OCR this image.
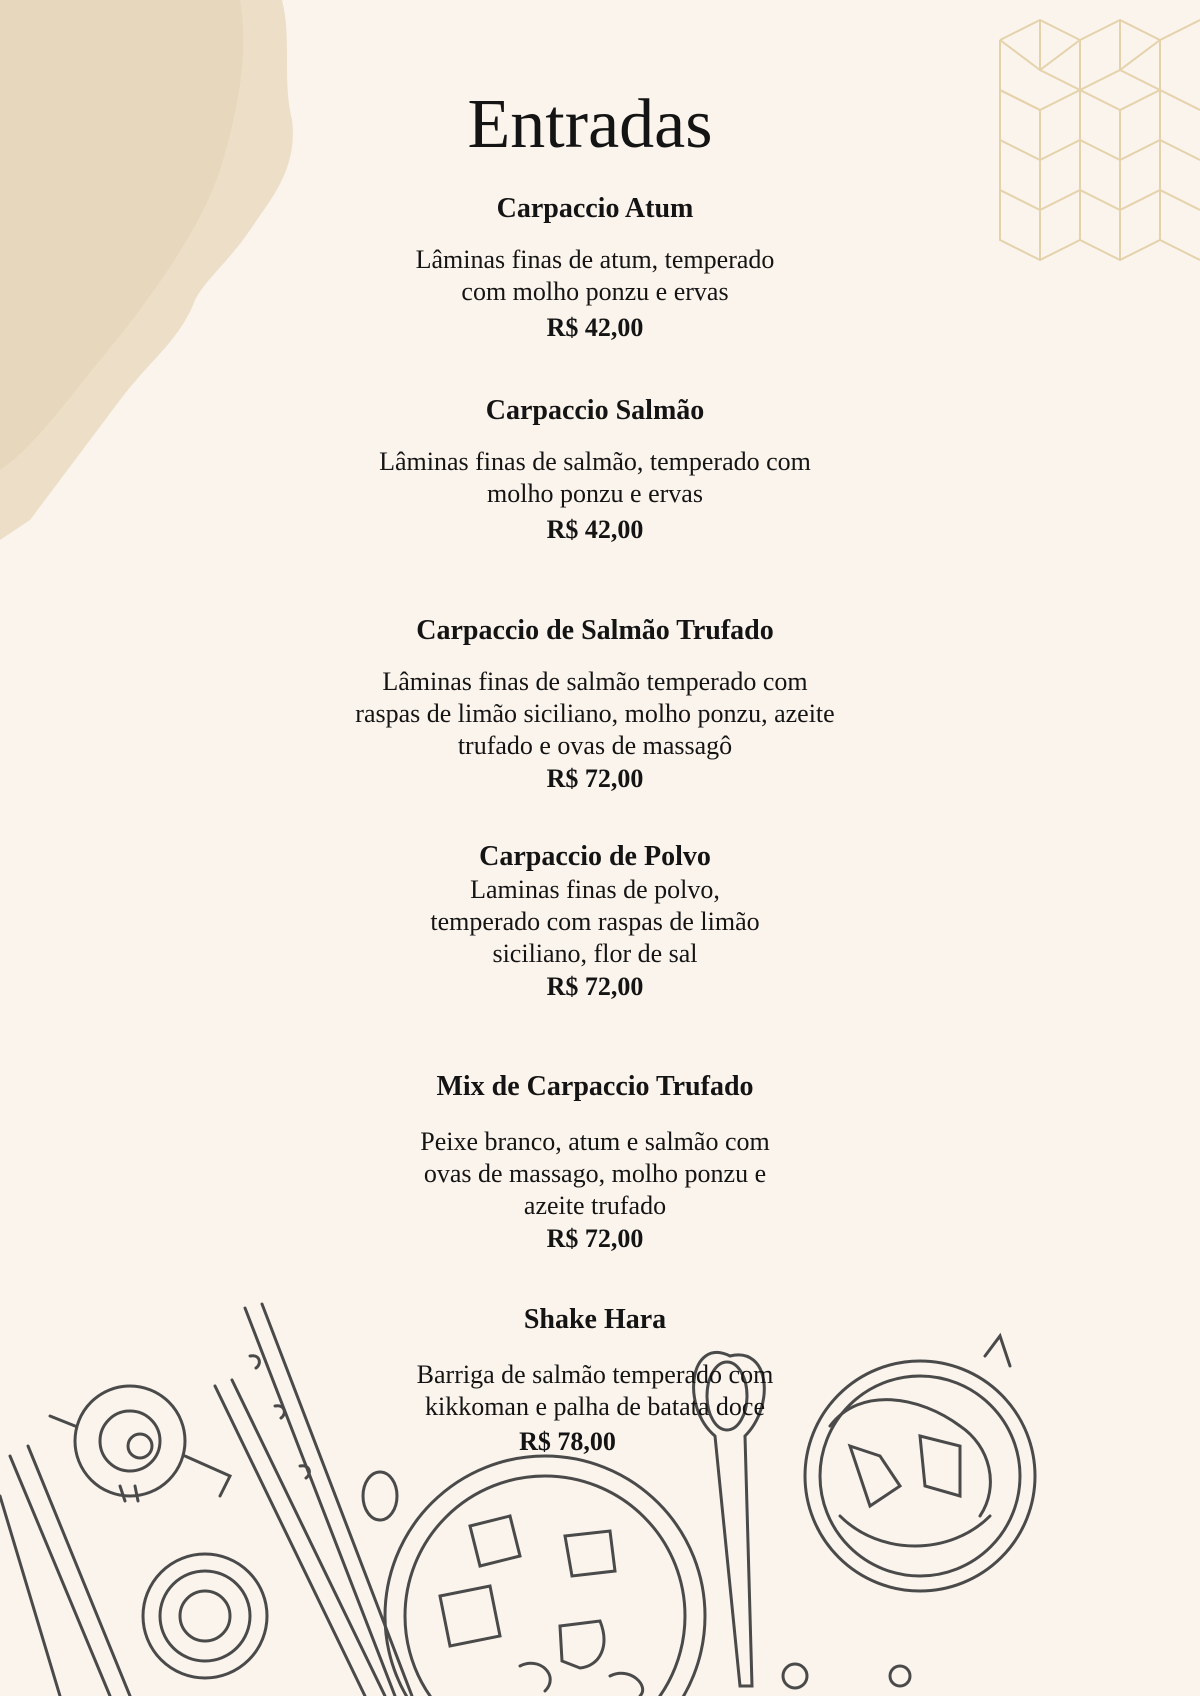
Entradas
Carpaccio Atum
Lâminas finas de atum, temperado
com molho ponzu e ervas
R$ 42,00
Carpaccio Salmão
Lâminas finas de salmão, temperado com
molho ponzu e ervas
R$ 42,00
Carpaccio de Salmão Trufado
Lâminas finas de salmão temperado com
raspas de limão siciliano, molho ponzu, azeite
trufado e ovas de massagô
R$ 72,00
Carpaccio de Polvo
Laminas finas de polvo,
temperado com raspas de limão
siciliano, flor de sal
R$ 72,00
Mix de Carpaccio Trufado
Peixe branco, atum e salmão com
ovas de massago, molho ponzu e
azeite trufado
R$ 72,00
Shake Hara
Barriga de salmão temperado com
kikkoman e palha de batata doce
R$ 78,00
